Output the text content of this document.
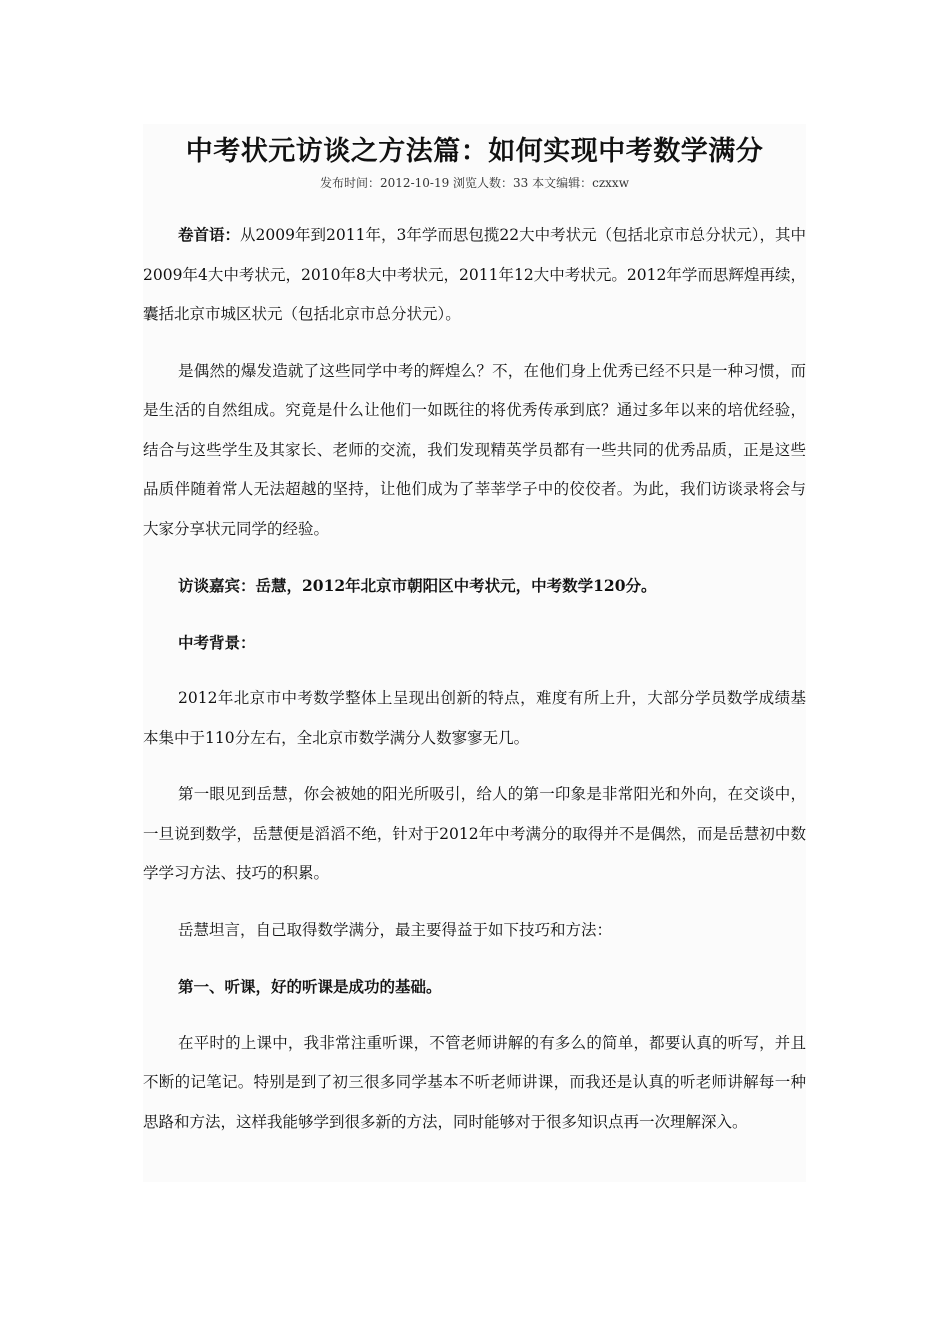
中考状元访谈之方法篇：如何实现中考数学满分
发布时间：2012-10-19 浏览人数：33 本文编辑：czxxw

卷首语：从2009年到2011年，3年学而思包揽22大中考状元（包括北京市总分状元），其中2009年4大中考状元，2010年8大中考状元，2011年12大中考状元。2012年学而思辉煌再续，囊括北京市城区状元（包括北京市总分状元）。

是偶然的爆发造就了这些同学中考的辉煌么？不，在他们身上优秀已经不只是一种习惯，而是生活的自然组成。究竟是什么让他们一如既往的将优秀传承到底？通过多年以来的培优经验，结合与这些学生及其家长、老师的交流，我们发现精英学员都有一些共同的优秀品质，正是这些品质伴随着常人无法超越的坚持，让他们成为了莘莘学子中的佼佼者。为此，我们访谈录将会与大家分享状元同学的经验。

访谈嘉宾：岳慧，2012年北京市朝阳区中考状元，中考数学120分。

中考背景：

2012年北京市中考数学整体上呈现出创新的特点，难度有所上升，大部分学员数学成绩基本集中于110分左右，全北京市数学满分人数寥寥无几。

第一眼见到岳慧，你会被她的阳光所吸引，给人的第一印象是非常阳光和外向，在交谈中，一旦说到数学，岳慧便是滔滔不绝，针对于2012年中考满分的取得并不是偶然，而是岳慧初中数学学习方法、技巧的积累。

岳慧坦言，自己取得数学满分，最主要得益于如下技巧和方法：

第一、听课，好的听课是成功的基础。

在平时的上课中，我非常注重听课，不管老师讲解的有多么的简单，都要认真的听写，并且不断的记笔记。特别是到了初三很多同学基本不听老师讲课，而我还是认真的听老师讲解每一种思路和方法，这样我能够学到很多新的方法，同时能够对于很多知识点再一次理解深入。
